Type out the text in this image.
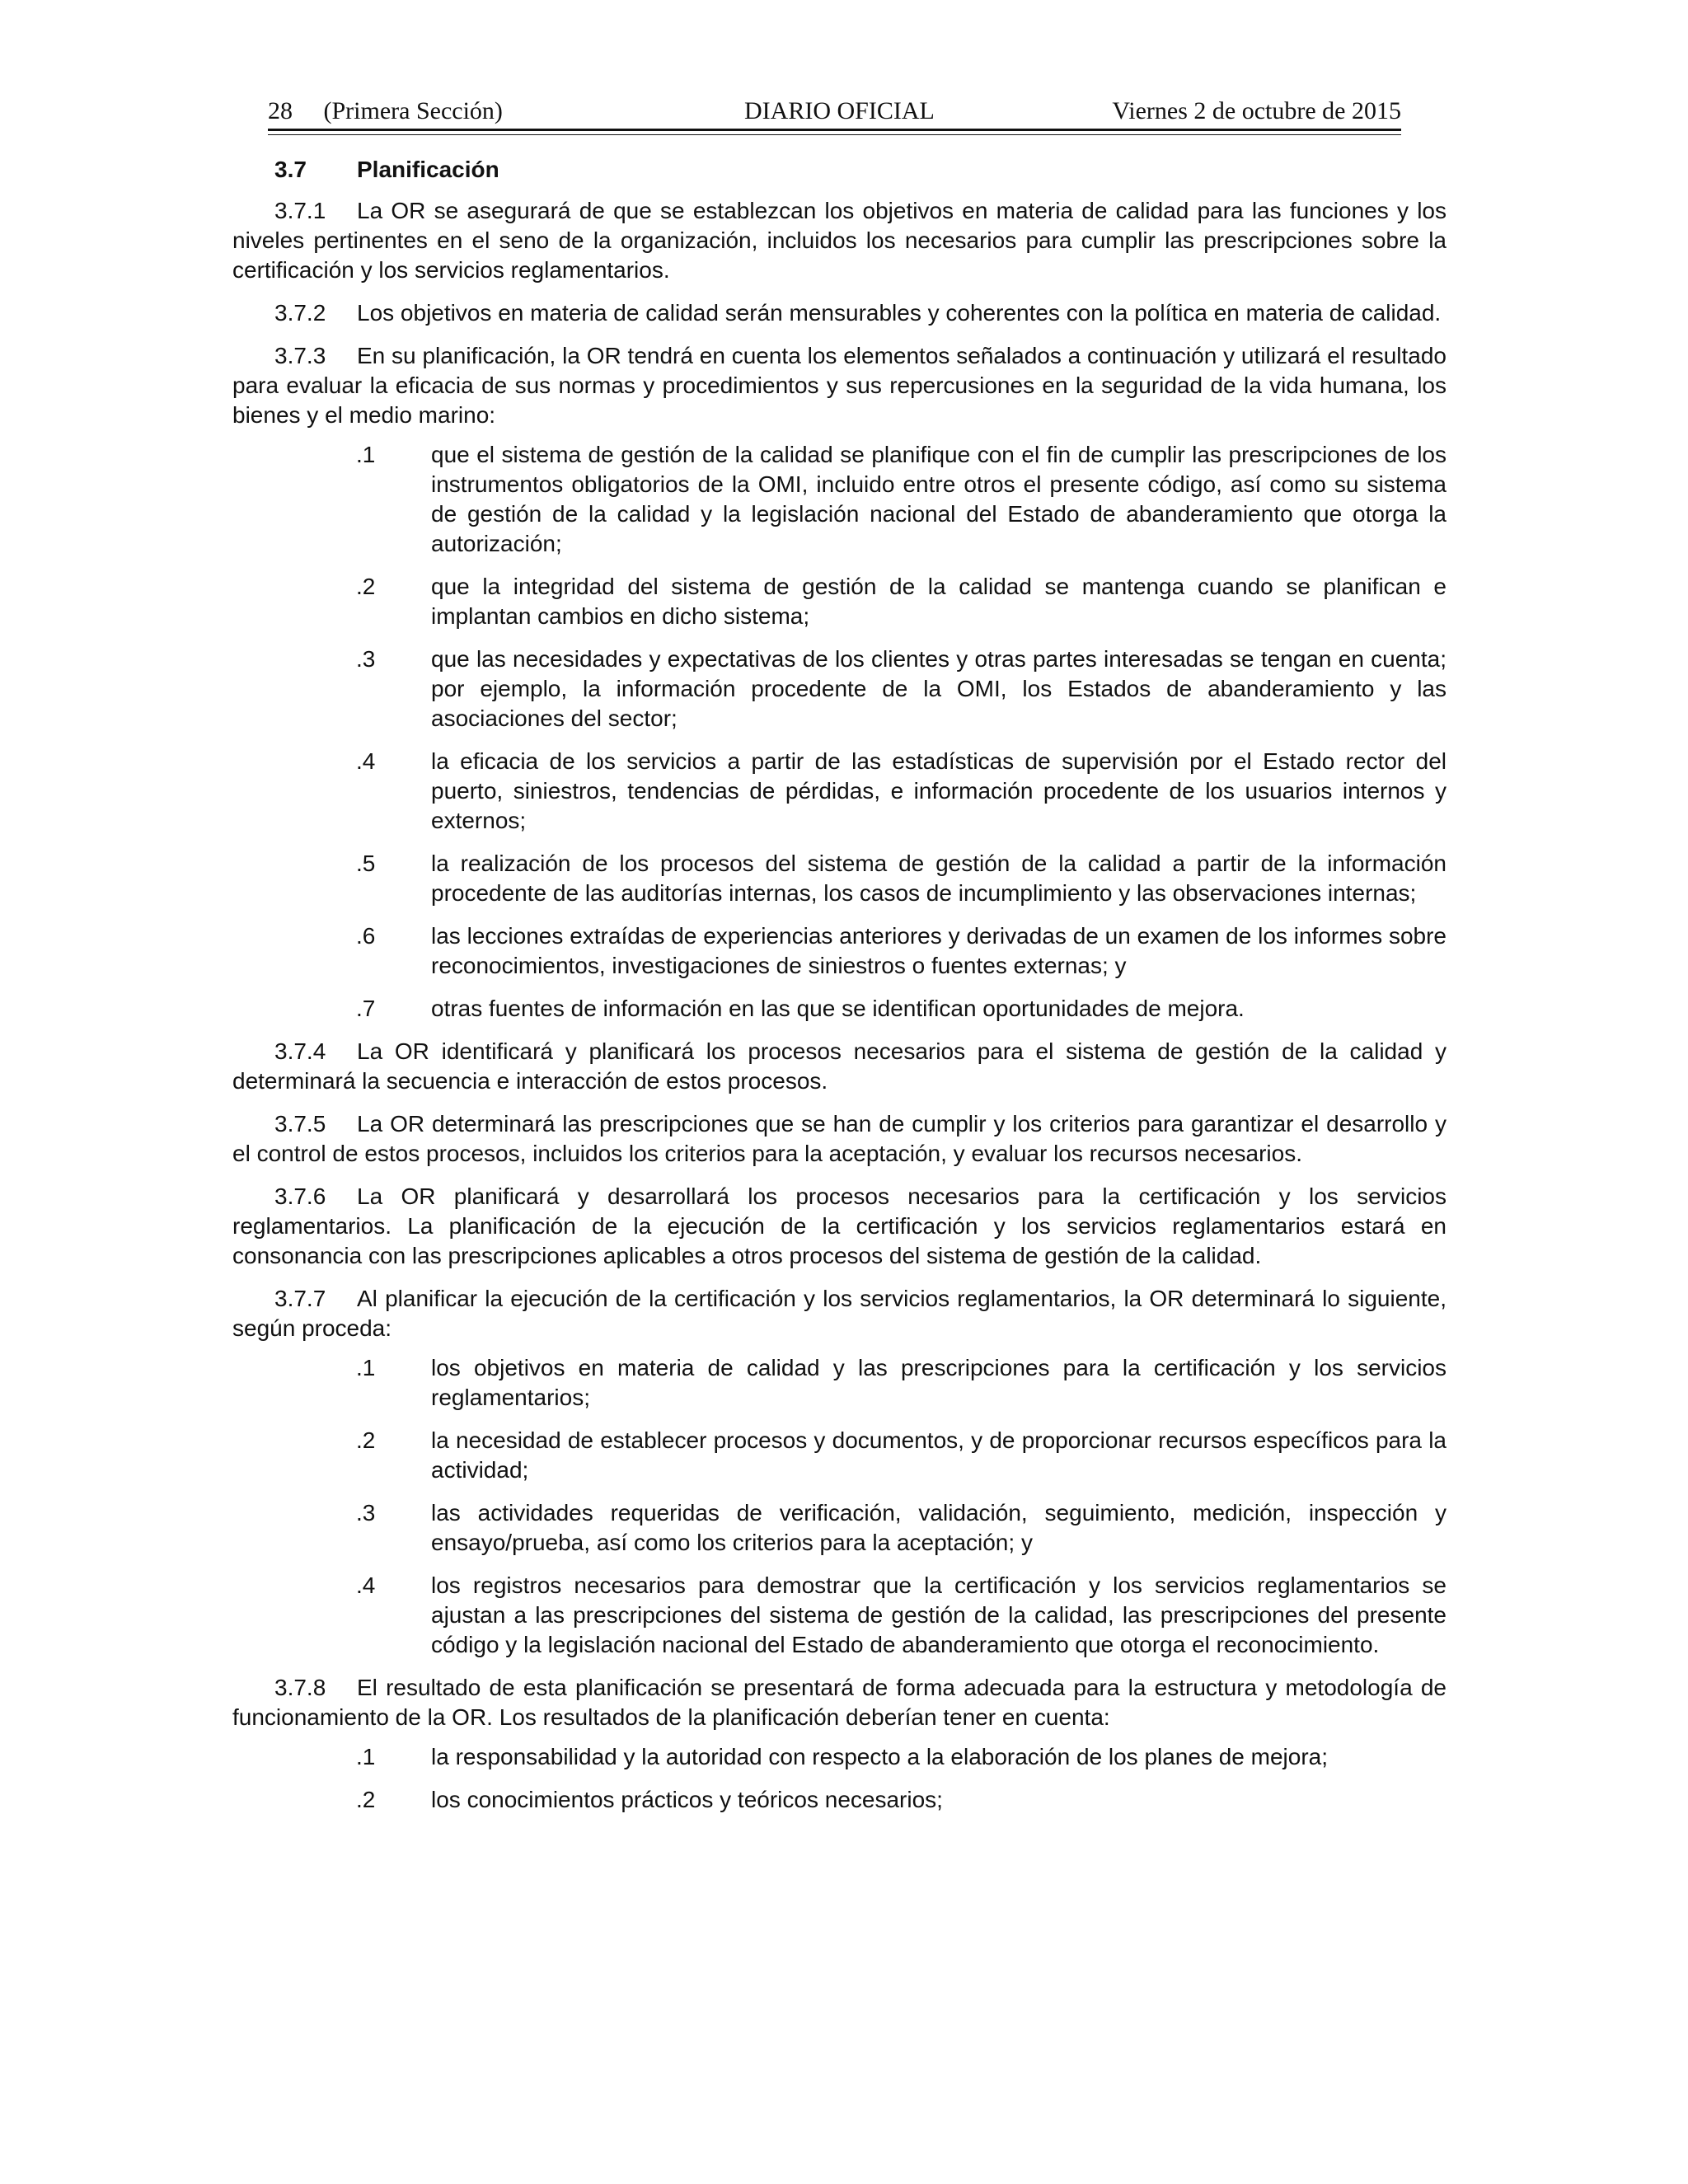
28     (Primera Sección)	DIARIO OFICIAL	Viernes 2 de octubre de 2015
3.7 Planificación

3.7.1 La OR se asegurará de que se establezcan los objetivos en materia de calidad para las funciones y los niveles pertinentes en el seno de la organización, incluidos los necesarios para cumplir las prescripciones sobre la certificación y los servicios reglamentarios.

3.7.2 Los objetivos en materia de calidad serán mensurables y coherentes con la política en materia de calidad.

3.7.3 En su planificación, la OR tendrá en cuenta los elementos señalados a continuación y utilizará el resultado para evaluar la eficacia de sus normas y procedimientos y sus repercusiones en la seguridad de la vida humana, los bienes y el medio marino:

.1 que el sistema de gestión de la calidad se planifique con el fin de cumplir las prescripciones de los instrumentos obligatorios de la OMI, incluido entre otros el presente código, así como su sistema de gestión de la calidad y la legislación nacional del Estado de abanderamiento que otorga la autorización;
.2 que la integridad del sistema de gestión de la calidad se mantenga cuando se planifican e implantan cambios en dicho sistema;
.3 que las necesidades y expectativas de los clientes y otras partes interesadas se tengan en cuenta; por ejemplo, la información procedente de la OMI, los Estados de abanderamiento y las asociaciones del sector;
.4 la eficacia de los servicios a partir de las estadísticas de supervisión por el Estado rector del puerto, siniestros, tendencias de pérdidas, e información procedente de los usuarios internos y externos;
.5 la realización de los procesos del sistema de gestión de la calidad a partir de la información procedente de las auditorías internas, los casos de incumplimiento y las observaciones internas;
.6 las lecciones extraídas de experiencias anteriores y derivadas de un examen de los informes sobre reconocimientos, investigaciones de siniestros o fuentes externas; y
.7 otras fuentes de información en las que se identifican oportunidades de mejora.

3.7.4 La OR identificará y planificará los procesos necesarios para el sistema de gestión de la calidad y determinará la secuencia e interacción de estos procesos.

3.7.5 La OR determinará las prescripciones que se han de cumplir y los criterios para garantizar el desarrollo y el control de estos procesos, incluidos los criterios para la aceptación, y evaluar los recursos necesarios.

3.7.6 La OR planificará y desarrollará los procesos necesarios para la certificación y los servicios reglamentarios. La planificación de la ejecución de la certificación y los servicios reglamentarios estará en consonancia con las prescripciones aplicables a otros procesos del sistema de gestión de la calidad.

3.7.7 Al planificar la ejecución de la certificación y los servicios reglamentarios, la OR determinará lo siguiente, según proceda:

.1 los objetivos en materia de calidad y las prescripciones para la certificación y los servicios reglamentarios;
.2 la necesidad de establecer procesos y documentos, y de proporcionar recursos específicos para la actividad;
.3 las actividades requeridas de verificación, validación, seguimiento, medición, inspección y ensayo/prueba, así como los criterios para la aceptación; y
.4 los registros necesarios para demostrar que la certificación y los servicios reglamentarios se ajustan a las prescripciones del sistema de gestión de la calidad, las prescripciones del presente código y la legislación nacional del Estado de abanderamiento que otorga el reconocimiento.

3.7.8 El resultado de esta planificación se presentará de forma adecuada para la estructura y metodología de funcionamiento de la OR. Los resultados de la planificación deberían tener en cuenta:

.1 la responsabilidad y la autoridad con respecto a la elaboración de los planes de mejora;
.2 los conocimientos prácticos y teóricos necesarios;
